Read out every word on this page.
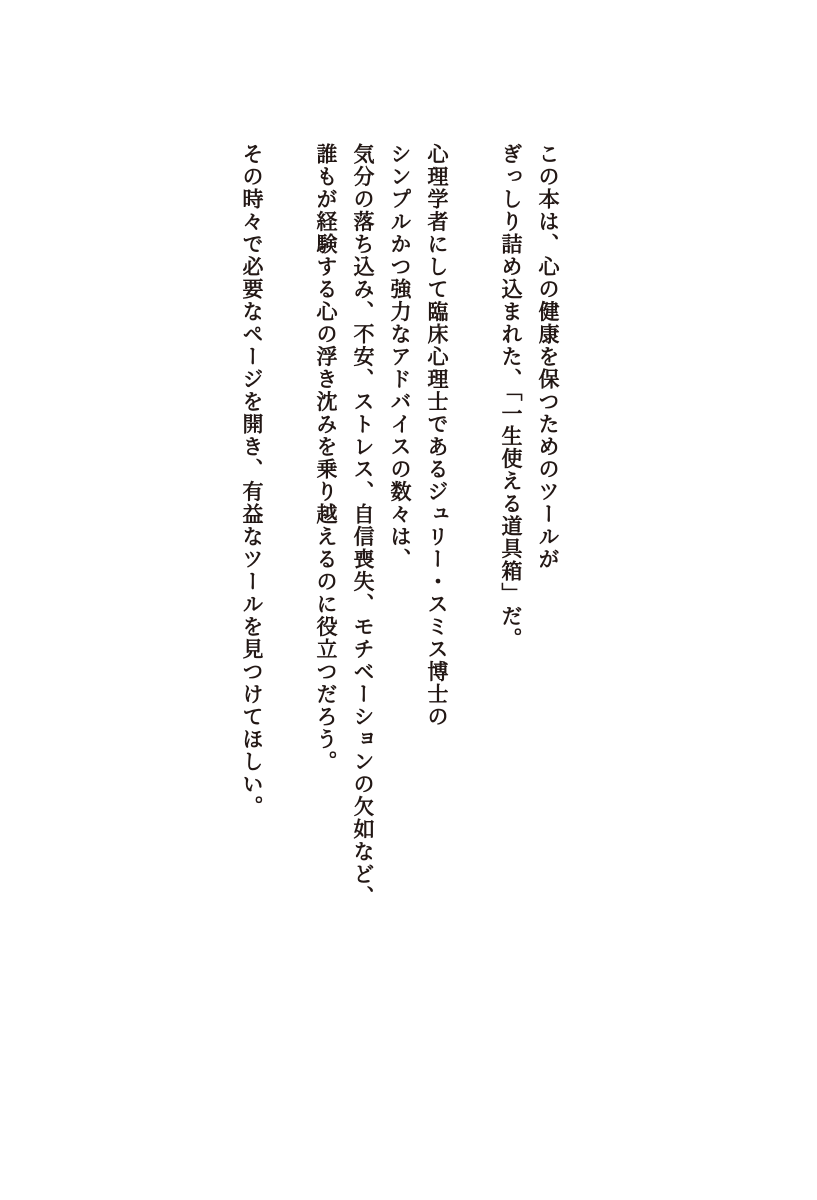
この本は、心の健康を保つためのツールが

ぎっしり詰め込まれた、「一生使える道具箱」だ。

心理学者にして臨床心理士であるジュリー・スミス博士の

シンプルかつ強力なアドバイスの数々は、

気分の落ち込み、不安、ストレス、自信喪失、モチベーションの欠如など、

誰もが経験する心の浮き沈みを乗り越えるのに役立つだろう。

その時々で必要なページを開き、有益なツールを見つけてほしい。
